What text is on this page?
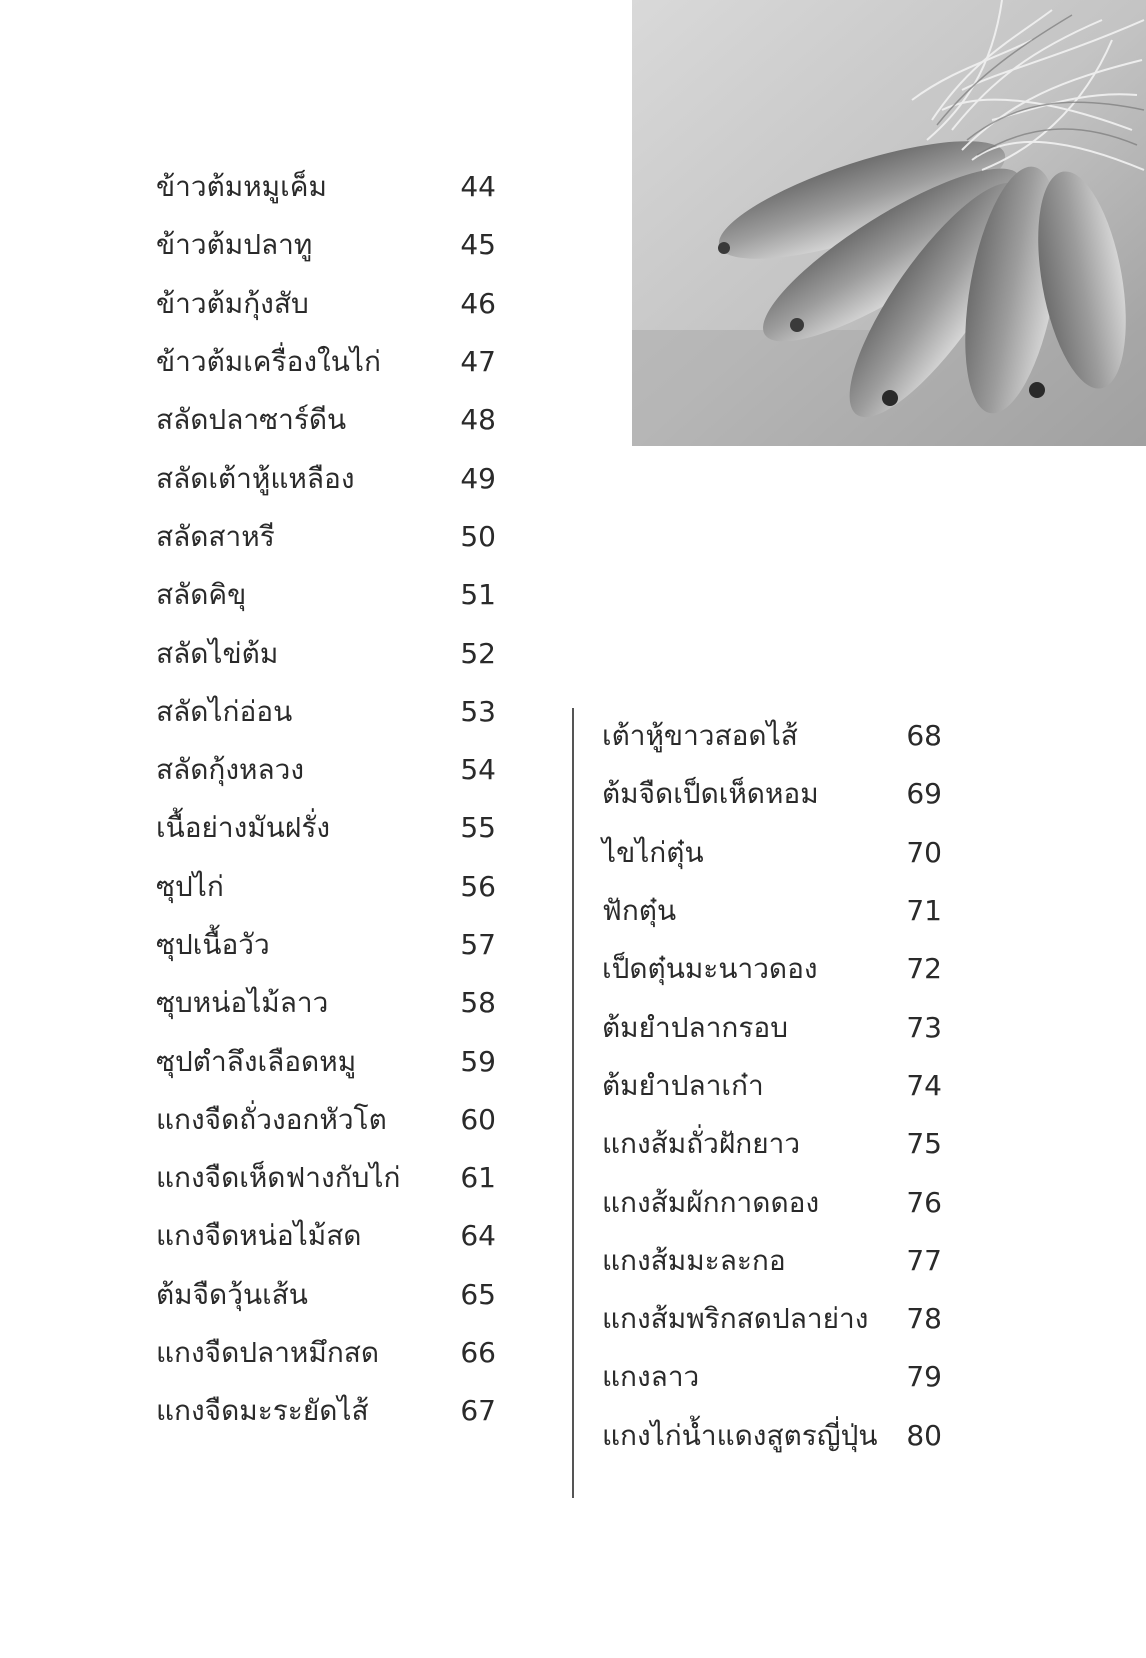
ข้าวต้มหมูเค็ม	44
ข้าวต้มปลาทู	45
ข้าวต้มกุ้งสับ	46
ข้าวต้มเครื่องในไก่	47
สลัดปลาซาร์ดีน	48
สลัดเต้าหู้แหลือง	49
สลัดสาหรี	50
สลัดคิขุ	51
สลัดไข่ต้ม	52
สลัดไก่อ่อน	53
สลัดกุ้งหลวง	54
เนื้อย่างมันฝรั่ง	55
ซุปไก่	56
ซุปเนื้อวัว	57
ซุบหน่อไม้ลาว	58
ซุปตำลึงเลือดหมู	59
แกงจืดถั่วงอกหัวโต	60
แกงจืดเห็ดฟางกับไก่ 61
แกงจืดหน่อไม้สด	64
ต้มจืดวุ้นเส้น	65
แกงจืดปลาหมึกสด	66
แกงจืดมะระยัดไส้	67
เต้าหู้ขาวสอดไส้	68
ต้มจืดเป็ดเห็ดหอม	69
ไขไก่ตุ๋น	70
ฟักตุ๋น	71
เป็ดตุ๋นมะนาวดอง	72
ต้มยำปลากรอบ	73
ต้มยำปลาเก๋า	74
แกงส้มถั่วฝักยาว	75
แกงส้มผักกาดดอง	76
แกงส้มมะละกอ	77
แกงส้มพริกสดปลาย่าง 78
แกงลาว	79
แกงไก่น้ำแดงสูตรญี่ปุ่น 80
